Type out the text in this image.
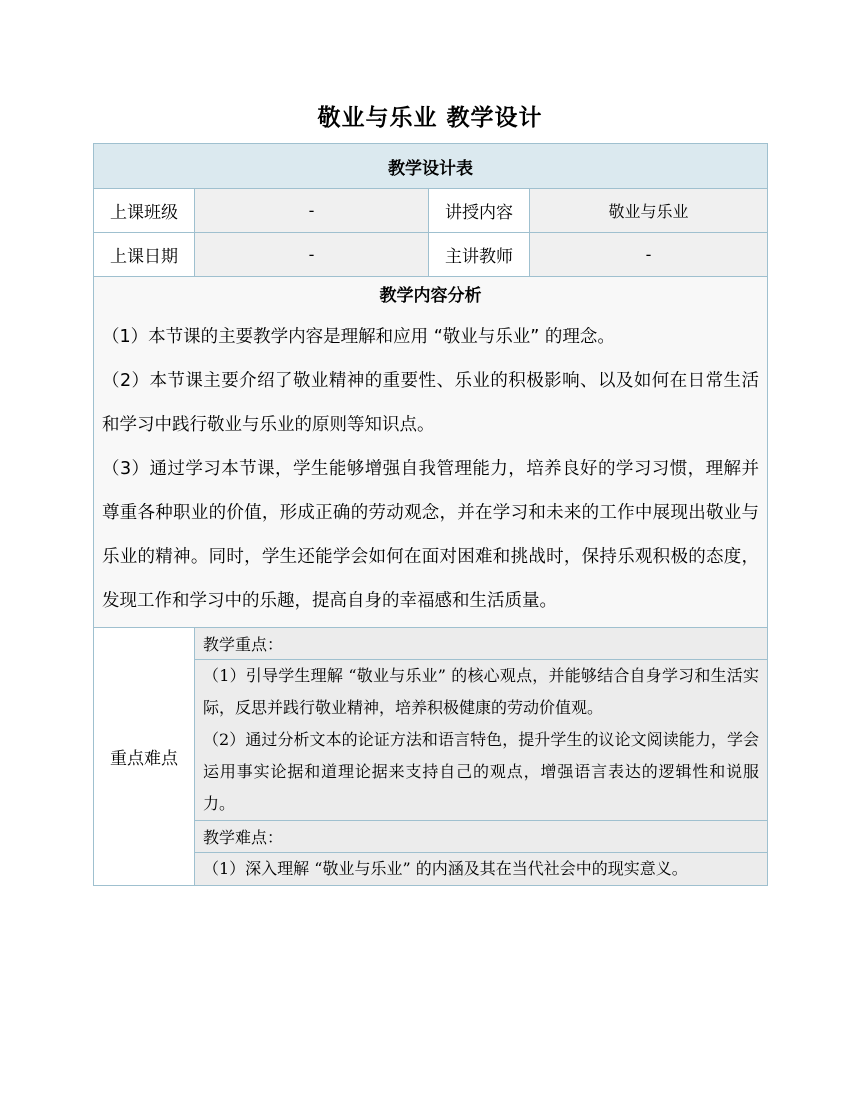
敬业与乐业 教学设计
教学设计表			
上课班级	-	讲授内容	敬业与乐业
上课日期	-	主讲教师	-

教学内容分析

（1）本节课的主要教学内容是理解和应用 “敬业与乐业” 的理念。

（2）本节课主要介绍了敬业精神的重要性、乐业的积极影响、以及如何在日常生活和学习中践行敬业与乐业的原则等知识点。

（3）通过学习本节课，学生能够增强自我管理能力，培养良好的学习习惯，理解并尊重各种职业的价值，形成正确的劳动观念，并在学习和未来的工作中展现出敬业与乐业的精神。同时，学生还能学会如何在面对困难和挑战时，保持乐观积极的态度，发现工作和学习中的乐趣，提高自身的幸福感和生活质量。			

重点难点	教学重点：		

	（1）引导学生理解 “敬业与乐业” 的核心观点，并能够结合自身学习和生活实际，反思并践行敬业精神，培养积极健康的劳动价值观。

（2）通过分析文本的论证方法和语言特色，提升学生的议论文阅读能力，学会运用事实论据和道理论据来支持自己的观点，增强语言表达的逻辑性和说服力。		

	教学难点：		

	（1）深入理解 “敬业与乐业” 的内涵及其在当代社会中的现实意义。		
